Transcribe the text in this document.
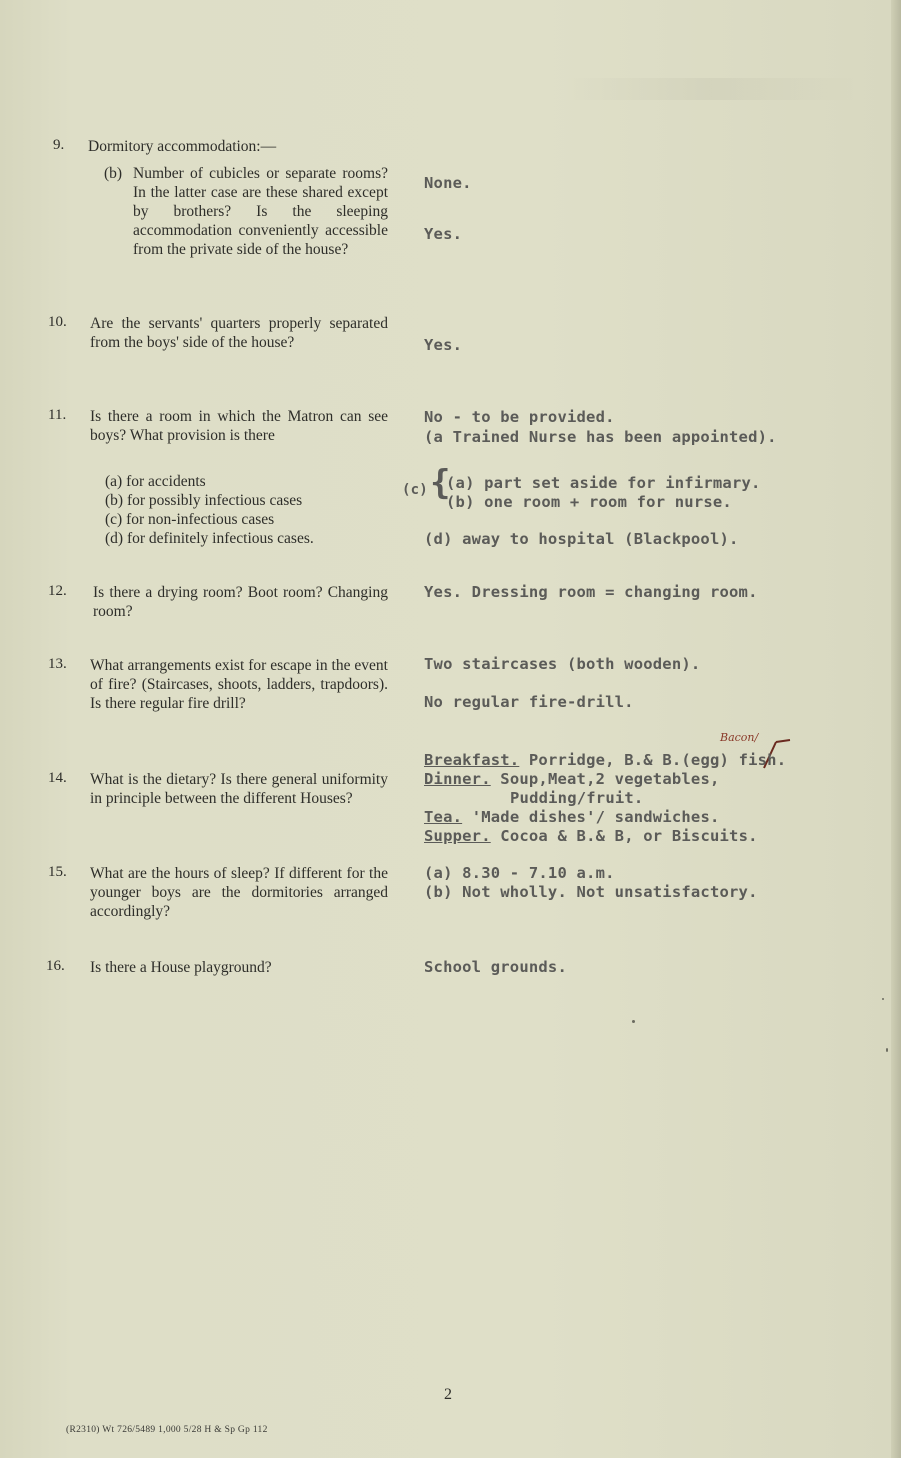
9. Dormitory accommodation:—
(b) Number of cubicles or separate rooms? In the latter case are these shared except by brothers? Is the sleeping accommodation conveniently accessible from the private side of the house?
None.
Yes.
10. Are the servants' quarters properly separated from the boys' side of the house?	Yes.
11. Is there a room in which the Matron can see boys? What provision is there
(a) for accidents
(b) for possibly infectious cases
(c) for non-infectious cases
(d) for definitely infectious cases.
No - to be provided.
(a Trained Nurse has been appointed).
(c) {
(a) part set aside for infirmary.
(b) one room + room for nurse.
(d) away to hospital (Blackpool).
12. Is there a drying room? Boot room? Changing room?
Yes. Dressing room = changing room.
13. What arrangements exist for escape in the event of fire? (Staircases, shoots, ladders, trapdoors). Is there regular fire drill?
Two staircases (both wooden).
No regular fire-drill.
14. What is the dietary? Is there general uniformity in principle between the different Houses?
Bacon/
Breakfast. Porridge, B.& B.(egg) fish.
Dinner. Soup,Meat,2 vegetables,
Pudding/fruit.
Tea. 'Made dishes'/ sandwiches.
Supper. Cocoa & B.& B, or Biscuits.
15. What are the hours of sleep? If different for the younger boys are the dormitories arranged accordingly?
(a) 8.30 - 7.10 a.m.
(b) Not wholly. Not unsatisfactory.
16. Is there a House playground?	School grounds.
2
(R2310) Wt 726/5489 1,000 5/28 H & Sp Gp 112
